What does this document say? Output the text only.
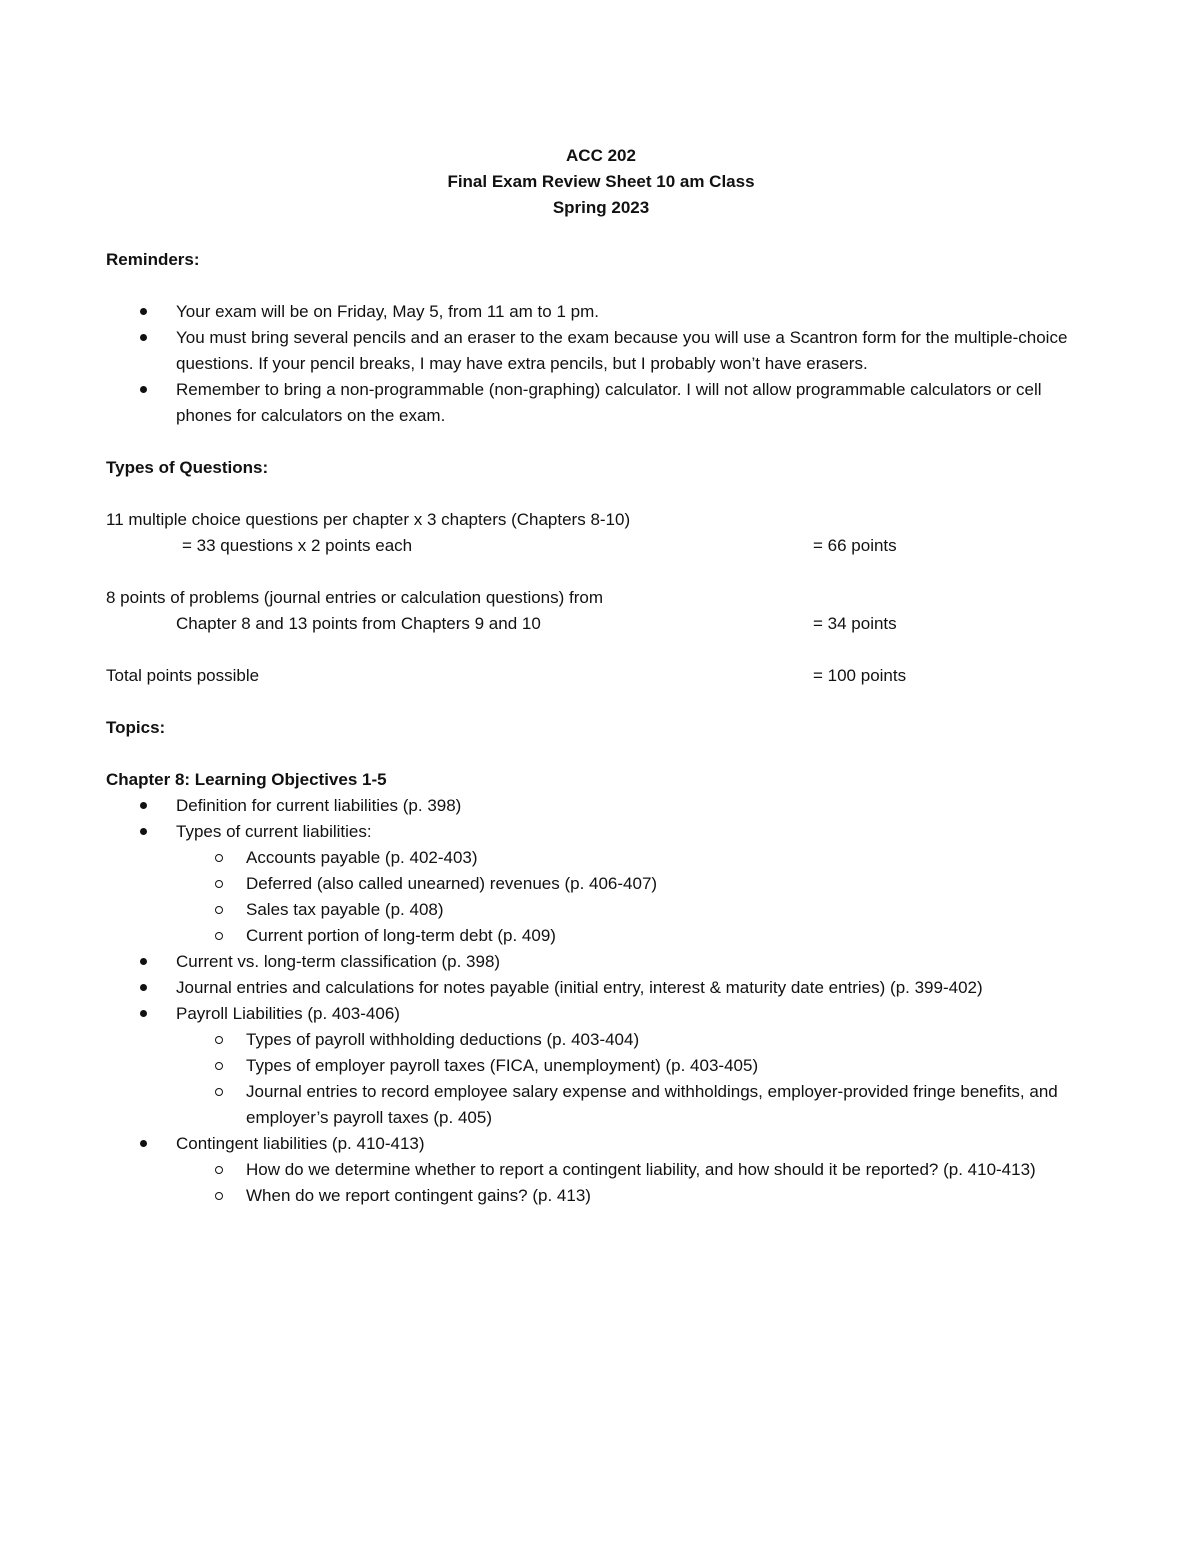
ACC 202
Final Exam Review Sheet 10 am Class
Spring 2023
Reminders:
Your exam will be on Friday, May 5, from 11 am to 1 pm.
You must bring several pencils and an eraser to the exam because you will use a Scantron form for the multiple-choice questions. If your pencil breaks, I may have extra pencils, but I probably won’t have erasers.
Remember to bring a non-programmable (non-graphing) calculator. I will not allow programmable calculators or cell phones for calculators on the exam.
Types of Questions:
11 multiple choice questions per chapter x 3 chapters (Chapters 8-10)
= 33 questions x 2 points each	= 66 points
8 points of problems (journal entries or calculation questions) from
Chapter 8 and 13 points from Chapters 9 and 10	= 34 points
Total points possible	= 100 points
Topics:
Chapter 8: Learning Objectives 1-5
Definition for current liabilities (p. 398)
Types of current liabilities:
Accounts payable (p. 402-403)
Deferred (also called unearned) revenues (p. 406-407)
Sales tax payable (p. 408)
Current portion of long-term debt (p. 409)
Current vs. long-term classification (p. 398)
Journal entries and calculations for notes payable (initial entry, interest & maturity date entries) (p. 399-402)
Payroll Liabilities (p. 403-406)
Types of payroll withholding deductions (p. 403-404)
Types of employer payroll taxes (FICA, unemployment) (p. 403-405)
Journal entries to record employee salary expense and withholdings, employer-provided fringe benefits, and employer’s payroll taxes (p. 405)
Contingent liabilities (p. 410-413)
How do we determine whether to report a contingent liability, and how should it be reported? (p. 410-413)
When do we report contingent gains? (p. 413)
